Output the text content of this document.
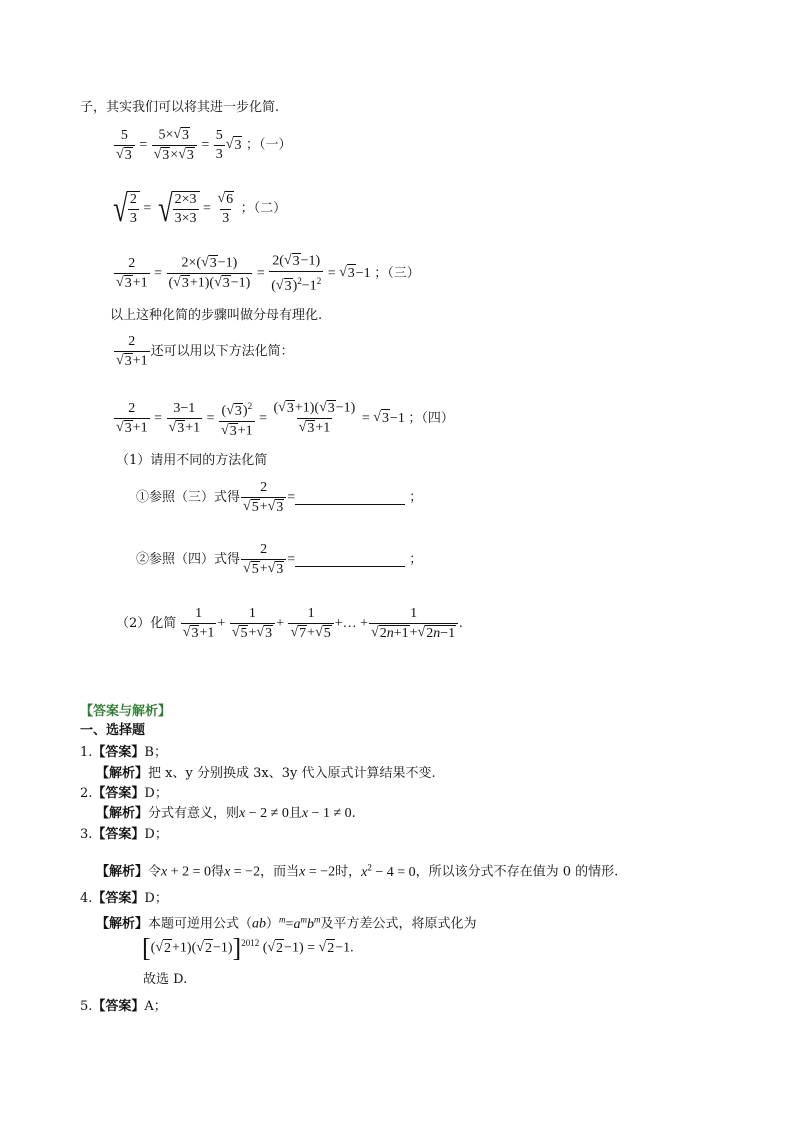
子，其实我们可以将其进一步化简.
$\frac{5}{√ 3} = \frac{5\times √ 3}{√ 3 \times √ 3} = \frac{5}{3}$ √ 3 ；（一）
√ 2
3
= √ 2×3
3×3
= $\frac{√ 6}{3}$ ；（二）
$\frac{2}{√ 3 +1} = \frac{2\times( √ 3 -1)}{( √ 3 +1)( √ 3 -1)} = \frac{2( √ 3 -1)}{( √ 3 )^2-1^2}$ = √ 3 −1 ；（三）
以上这种化简的步骤叫做分母有理化.
$\frac{2}{√ 3 +1}$ 还可以用以下方法化简：
$\frac{2}{√ 3 +1} = \frac{3-1}{√ 3 +1} = \frac{( √ 3 )^2}{√ 3 +1} = \frac{( √ 3 +1)( √ 3 -1)}{√ 3 +1}$ = √ 3 −1 ；（四）
（1）请用不同的方法化简
①参照（三）式得 $\frac{2}{√ 5 + √ 3}$ =	；
②参照（四）式得 $\frac{2}{√ 5 + √ 3}$ =	；
（2）化简 $\frac{1}{√ 3 +1} + \frac{1}{√ 5 + √ 3} + \frac{1}{√ 7 + √ 5}$ +… + $\frac{1}{√ 2n+1 + √ 2n-1}$ .
【答案与解析】
一、选择题
1.【答案】B；
【解析】把 x、y 分别换成 3x、3y 代入原式计算结果不变.
2.【答案】D；
【解析】分式有意义，则x − 2 ≠ 0且x − 1 ≠ 0.
3.【答案】D；
【解析】令x + 2 = 0得x = −2，而当x = −2时，$x^2 - 4 = 0$，所以该分式不存在值为 0 的情形.
4.【答案】D；
【解析】本题可逆用公式$(ab)^m=a^mb^m$及平方差公式，将原式化为
[( √ 2 +1)( √ 2 −1)]$^{2012}$ ( √ 2 −1) = √ 2 −1.
故选 D.
5.【答案】A；
